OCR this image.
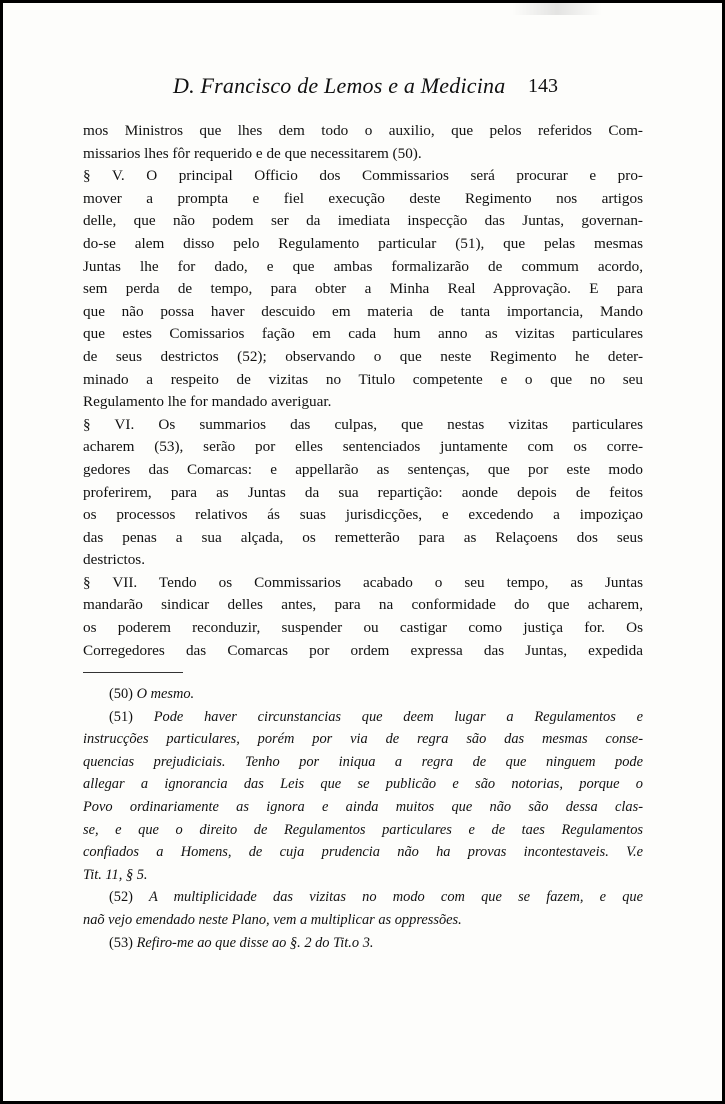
D. Francisco de Lemos e a Medicina 143
mos Ministros que lhes dem todo o auxilio, que pelos referidos Com-
missarios lhes fôr requerido e de que necessitarem (50).
§ V. O principal Officio dos Commissarios será procurar e pro-
mover a prompta e fiel execução deste Regimento nos artigos
delle, que não podem ser da imediata inspecção das Juntas, governan-
do-se alem disso pelo Regulamento particular (51), que pelas mesmas
Juntas lhe for dado, e que ambas formalizarão de commum acordo,
sem perda de tempo, para obter a Minha Real Approvação. E para
que não possa haver descuido em materia de tanta importancia, Mando
que estes Comissarios fação em cada hum anno as vizitas particulares
de seus destrictos (52); observando o que neste Regimento he deter-
minado a respeito de vizitas no Titulo competente e o que no seu
Regulamento lhe for mandado averiguar.
§ VI. Os summarios das culpas, que nestas vizitas particulares
acharem (53), serão por elles sentenciados juntamente com os corre-
gedores das Comarcas: e appellarão as sentenças, que por este modo
proferirem, para as Juntas da sua repartição: aonde depois de feitos
os processos relativos ás suas jurisdicções, e excedendo a impoziçao
das penas a sua alçada, os remetterão para as Relaçoens dos seus
destrictos.
§ VII. Tendo os Commissarios acabado o seu tempo, as Juntas
mandarão sindicar delles antes, para na conformidade do que acharem,
os poderem reconduzir, suspender ou castigar como justiça for. Os
Corregedores das Comarcas por ordem expressa das Juntas, expedida
(50) O mesmo.
(51) Pode haver circunstancias que deem lugar a Regulamentos e
instrucções particulares, porém por via de regra são das mesmas conse-
quencias prejudiciais. Tenho por iniqua a regra de que ninguem pode
allegar a ignorancia das Leis que se publicão e são notorias, porque o
Povo ordinariamente as ignora e ainda muitos que não são dessa clas-
se, e que o direito de Regulamentos particulares e de taes Regulamentos
confiados a Homens, de cuja prudencia não ha provas incontestaveis. V.e
Tit. 11, § 5.
(52) A multiplicidade das vizitas no modo com que se fazem, e que
naõ vejo emendado neste Plano, vem a multiplicar as oppressões.
(53) Refiro-me ao que disse ao §. 2 do Tit.o 3.
